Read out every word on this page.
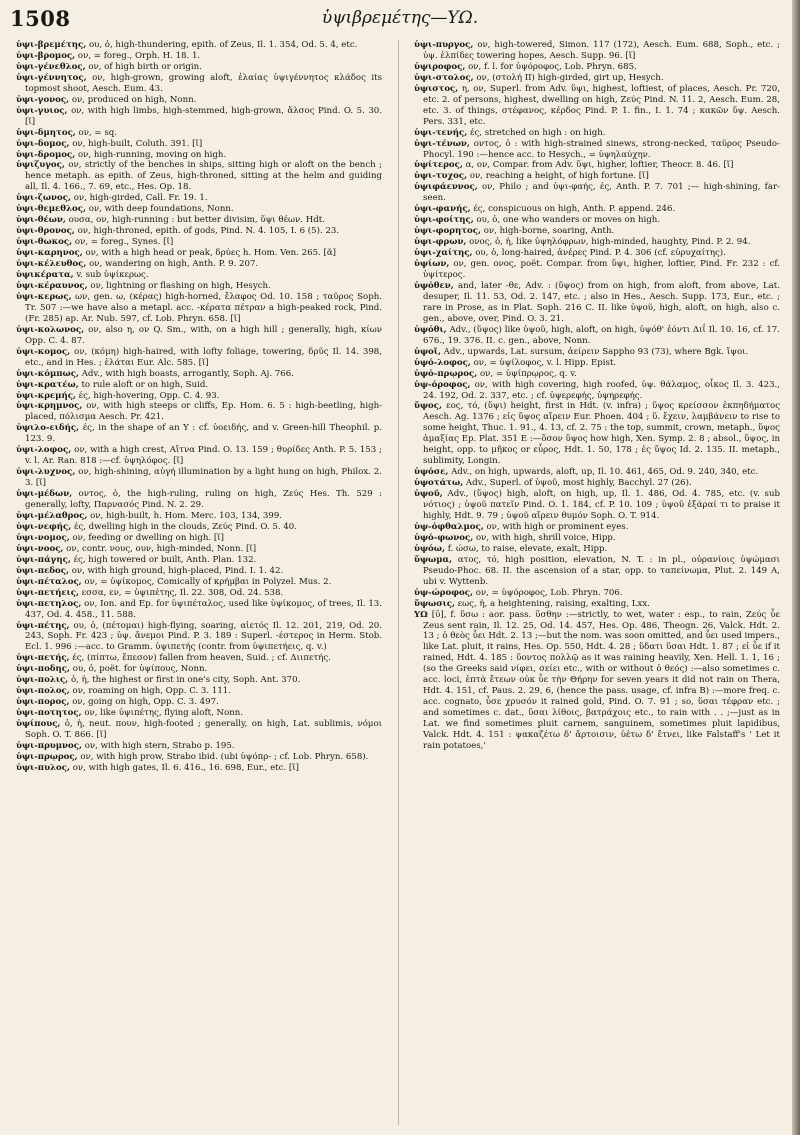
1508	ὑψιβρεμέτης—ΥΩ.

ὑψι-βρεμέτης, ου, ὁ, high-thundering, epith. of Zeus, Il. 1. 354, Od. 5. 4, etc.

ὑψι-βρομος, ον, = foreg., Orph. H. 18. 1.

ὑψι-γένεθλος, ον, of high birth or origin.

ὑψι-γέννητος, ον, high-grown, growing aloft, ἐλαίας ὑψιγέννητος κλάδος its topmost shoot, Aesch. Eum. 43.

ὑψι-γονος, ον, produced on high, Nonn.

ὑψι-γυιος, ον, with high limbs, high-stemmed, high-grown, ἄλσος Pind. O. 5. 30. [ῐ]

ὑψι-δμητος, ον, = sq.

ὑψι-δομος, ον, high-built, Coluth. 391. [ῐ]

ὑψι-δρομος, ον, high-running, moving on high.

ὑψιζυγος, ον, strictly of the benches in ships, sitting high or aloft on the bench ; hence metaph. as epith. of Zeus, high-throned, sitting at the helm and guiding all, Il. 4. 166., 7. 69, etc., Hes. Op. 18.

ὑψι-ζωνος, ον, high-girded, Call. Fr. 19. 1.

ὑψι-θεμεθλος, ον, with deep foundations, Nonn.

ὑψι-θέων, ουσα, ον, high-running : but better divisim, ὕψι θέων. Hdt.

ὑψι-θρονος, ον, high-throned, epith. of gods, Pind. N. 4. 105, I. 6 (5). 23.

ὑψι-θωκος, ον, = foreg., Synes. [ῐ]

ὑψι-καρηνος, ον, with a high head or peak, δρύες h. Hom. Ven. 265. [ᾰ]

ὑψι-κέλευθος, ον, wandering on high, Anth. P. 9. 207.

ὑψικέρατα, v. sub ὑψίκερως.

ὑψι-κέραυνος, ον, lightning or flashing on high, Hesych.

ὑψι-κερως, ων, gen. ω, (κέρας) high-horned, ἔλαφος Od. 10. 158 ; ταῦρος Soph. Tr. 507 :—we have also a metapl. acc. -κέρατα πέτραν a high-peaked rock, Pind. (Fr. 285) ap. Ar. Nub. 597, cf. Lob. Phryn. 658. [ῐ]

ὑψι-κολωνος, ον, also η, ον Q. Sm., with, on a high hill ; generally, high, κίων Opp. C. 4. 87.

ὑψι-κομος, ον, (κόμη) high-haired, with lofty foliage, towering, δρῦς Il. 14. 398, etc., and in Hes. ; ἐλάται Eur. Alc. 585. [ῐ]

ὑψι-κόμπως, Adv., with high boasts, arrogantly, Soph. Aj. 766.

ὑψι-κρατέω, to rule aloft or on high, Suid.

ὑψι-κρεμής, ές, high-hovering, Opp. C. 4. 93.

ὑψι-κρημνος, ον, with high steeps or cliffs, Ep. Hom. 6. 5 : high-beetling, high-placed, πόλισμα Aesch. Pr. 421.

ὑψιλο-ειδής, ές, in the shape of an Υ : cf. ὑοειδής, and v. Green-hill Theophil. p. 123. 9.

ὑψι-λοφος, ον, with a high crest, Αἴτνα Pind. O. 13. 159 ; θυρίδες Anth. P. 5. 153 ; v. l. Ar. Ran. 818 :—cf. ὑψηλόφος. [ῐ]

ὑψι-λυχνος, ον, high-shining, αὐγή illumination by a light hung on high, Philox. 2. 3. [ῐ]

ὑψι-μέδων, οντος, ὁ, the high-ruling, ruling on high, Ζεύς Hes. Th. 529 : generally, lofty, Παρνασός Pind. N. 2. 29.

ὑψι-μέλαθρος, ον, high-built, h. Hom. Merc. 103, 134, 399.

ὑψι-νεφής, ές, dwelling high in the clouds, Ζεύς Pind. O. 5. 40.

ὑψι-νομος, ον, feeding or dwelling on high. [ῐ]

ὑψι-νοος, ον, contr. νους, ουν, high-minded, Nonn. [ῐ]

ὑψι-πάγης, ές, high towered or built, Anth. Plan. 132.

ὑψι-πεδος, ον, with high ground, high-placed, Pind. I. 1. 42.

ὑψι-πέταλος, ον, = ὑψίκομος, Comically of κρήμβαι in Polyzel. Mus. 2.

ὑψι-πετήεις, εσσα, εν, = ὑψιπέτης, Il. 22. 308, Od. 24. 538.

ὑψι-πετηλος, ον, Ion. and Ep. for ὑψιπέταλος, used like ὑψίκομος, of trees, Il. 13. 437, Od. 4. 458., 11. 588.

ὑψι-πέτης, ου, ὁ, (πέτομαι) high-flying, soaring, αἰετός Il. 12. 201, 219, Od. 20. 243, Soph. Fr. 423 ; ὑψ. ἄνεμοι Pind. P. 3. 189 : Superl. -έστερος in Herm. Stob. Ecl. 1. 996 :—acc. to Gramm. ὑψιπετής (contr. from ὑψιπετήεις, q. v.)

ὑψι-πετής, ές, (πίπτω, ἔπεσον) fallen from heaven, Suid. ; cf. Διιπετής.

ὑψι-ποδης, ου, ὁ, poët. for ὑψίπους, Nonn.

ὑψι-πολις, ὁ, ἡ, the highest or first in one's city, Soph. Ant. 370.

ὑψι-πολος, ον, roaming on high, Opp. C. 3. 111.

ὑψι-πορος, ον, going on high, Opp. C. 3. 497.

ὑψι-ποτητος, ον, like ὑψιπέτης, flying aloft, Nonn.

ὑψίπους, ὁ, ἡ, neut. πουν, high-footed ; generally, on high, Lat. sublimis, νόμοι Soph. O. T. 866. [ῐ]

ὑψι-πρυμνος, ον, with high stern, Strabo p. 195.

ὑψι-πρῳρος, ον, with high prow, Strabo ibid. (ubi ὑψόπρ- ; cf. Lob. Phryn. 658).

ὑψι-πυλος, ον, with high gates, Il. 6. 416., 16. 698, Eur., etc. [ῐ]

ὑψι-πυργος, ον, high-towered, Simon. 117 (172), Aesch. Eum. 688, Soph., etc. ; ὑψ. ἐλπίδες towering hopes, Aesch. Supp. 96. [ῐ]

ὑψιροφος, ον, f. l. for ὑψόροφος, Lob. Phryn. 685.

ὑψι-στολος, ον, (στολή II) high-girded, girt up, Hesych.

ὑψιστος, η, ον, Superl. from Adv. ὕψι, highest, loftiest, of places, Aesch. Pr. 720, etc. 2. of persons, highest, dwelling on high, Ζεύς Pind. N. 11. 2, Aesch. Eum. 28, etc. 3. of things, στέφανος, κέρδος Pind. P. 1. fin., I. 1. 74 ; κακῶν ὕψ. Aesch. Pers. 331, etc.

ὑψι-τενής, ές, stretched on high : on high.

ὑψι-τένων, οντος, ὁ : with high-strained sinews, strong-necked, ταῦρος Pseudo-Phocyl. 190 :—hence acc. to Hesych., = ὑψηλαύχην.

ὑψίτερος, α, ον, Compar. from Adv. ὕψι, higher, loftier, Theocr. 8. 46. [ῐ]

ὑψι-τυχος, ον, reaching a height, of high fortune. [ῐ]

ὑψιφάεννος, ον, Philo ; and ὑψι-φαής, ές, Anth. P. 7. 701 ;— high-shining, far-seen.

ὑψι-φανής, ές, conspicuous on high, Anth. P. append. 246.

ὑψι-φοίτης, ου, ὁ, one who wanders or moves on high.

ὑψι-φορητος, ον, high-borne, soaring, Anth.

ὑψι-φρων, ονος, ὁ, ἡ, like ὑψηλόφρων, high-minded, haughty, Pind. P. 2. 94.

ὑψι-χαίτης, ου, ὁ, long-haired, ἀνέρες Pind. P. 4. 306 (cf. εὐρυχαίτης).

ὑψίων, ον, gen. ονος, poët. Compar. from ὕψι, higher, loftier, Pind. Fr. 232 : cf. ὑψίτερος.

ὑψόθεν, and, later -θε, Adv. : (ὕψος) from on high, from aloft, from above, Lat. desuper, Il. 11. 53, Od. 2. 147, etc. ; also in Hes., Aesch. Supp. 173, Eur., etc. ; rare in Prose, as in Plat. Soph. 216 C. II. like ὑψοῦ, high, aloft, on high, also c. gen., above, over, Pind. O. 3. 21.

ὑψόθι, Adv., (ὕψος) like ὑψοῦ, high, aloft, on high, ὑψόθ' ἐόντι Διΐ Il. 10. 16, cf. 17. 676., 19. 376. II. c. gen., above, Nonn.

ὑψοῖ, Adv., upwards, Lat. sursum, ἀείρειν Sappho 93 (73), where Bgk. ἴψοι.

ὑψό-λοφος, ον, = ὑψίλοφος, v. l. Hipp. Epist.

ὑψό-πρῳρος, ον, = ὑψίπρῳρος, q. v.

ὑψ-όροφος, ον, with high covering, high roofed, ὑψ. θάλαμος, οἶκος Il. 3. 423., 24. 192, Od. 2. 337, etc. ; cf. ὑψερεφής, ὑψηρεφής.

ὕψος, εος, τό, (ὕψι) height, first in Hdt. (v. infra) ; ὕψος κρείσσον ἐκπηδήματος Aesch. Ag. 1376 ; εἰς ὕψος αἴρειν Eur. Phoen. 404 ; ὕ. ἔχειν, λαμβάνειν to rise to some height, Thuc. 1. 91., 4. 13, cf. 2. 75 : the top, summit, crown, metaph., ὕψος ἁμαξίας Ep. Plat. 351 E :—ὅσον ὕψος how high, Xen. Symp. 2. 8 ; absol., ὕψος, in height, opp. to μῆκος or εὖρος, Hdt. 1. 50, 178 ; ἐς ὕψος Id. 2. 135. II. metaph., sublimity, Longin.

ὑψόσε, Adv., on high, upwards, aloft, up, Il. 10. 461, 465, Od. 9. 240, 340, etc.

ὑψοτάτω, Adv., Superl. of ὑψοῦ, most highly, Bacchyl. 27 (26).

ὑψοῦ, Adv., (ὕψος) high, aloft, on high, up, Il. 1. 486, Od. 4. 785, etc. (v. sub νότιος) ; ὑψοῦ πατεῖν Pind. O. 1. 184, cf. P. 10. 109 ; ὑψοῦ ἐξάραί τι to praise it highly, Hdt. 9. 79 ; ὑψοῦ αἴρειν θυμόν Soph. O. T. 914.

ὑψ-όφθαλμος, ον, with high or prominent eyes.

ὑψό-φωνος, ον, with high, shrill voice, Hipp.

ὑψόω, f. ώσω, to raise, elevate, exalt, Hipp.

ὕψωμα, ατος, τό, high position, elevation, N. T. : in pl., οὐρανίοις ὑψώμασι Pseudo-Phoc. 68. II. the ascension of a star, opp. to ταπείνωμα, Plut. 2. 149 A, ubi v. Wyttenb.

ὑψ-ώροφος, ον, = ὑψόροφος, Lob. Phryn. 706.

ὕψωσις, εως, ἡ, a heightening, raising, exalting, Lxx.

ΥΩ [ῡ], f. ὕσω : aor. pass. ὕσθην :—strictly, to wet, water : esp., to rain, Ζεύς ὗε Zeus sent rain, Il. 12. 25, Od. 14. 457, Hes. Op. 486, Theogn. 26, Valck. Hdt. 2. 13 ; ὁ θεὸς ὗει Hdt. 2. 13 ;—but the nom. was soon omitted, and ὗει used impers., like Lat. pluit, it rains, Hes. Op. 550, Hdt. 4. 28 ; ὕδατι ὕσαι Hdt. 1. 87 ; εἰ ὗε if it rained, Hdt. 4. 185 : ὕοντος πολλῷ as it was raining heavily, Xen. Hell. 1. 1, 16 ; (so the Greeks said νίφει, σείει etc., with or without ὁ θεός) :—also sometimes c. acc. loci, ἑπτὰ ἔτεων οὐκ ὗε τὴν Θήρην for seven years it did not rain on Thera, Hdt. 4. 151, cf. Paus. 2. 29, 6, (hence the pass. usage, cf. infra B) :—more freq. c. acc. cognato, ὗσε χρυσόν it rained gold, Pind. O. 7. 91 ; so, ὕσαι τέφραν etc. ; and sometimes c. dat., ὕσαι λίθοις, βατράχοις etc., to rain with . . ;—just as in Lat. we find sometimes pluit carnem, sanguinem, sometimes pluit lapidibus, Valck. Hdt. 4. 151 : ψακαζέτω δ' ἄρτοισιν, ὑέτω δ' ἔτνει, like Falstaff's ' Let it rain potatoes,'
